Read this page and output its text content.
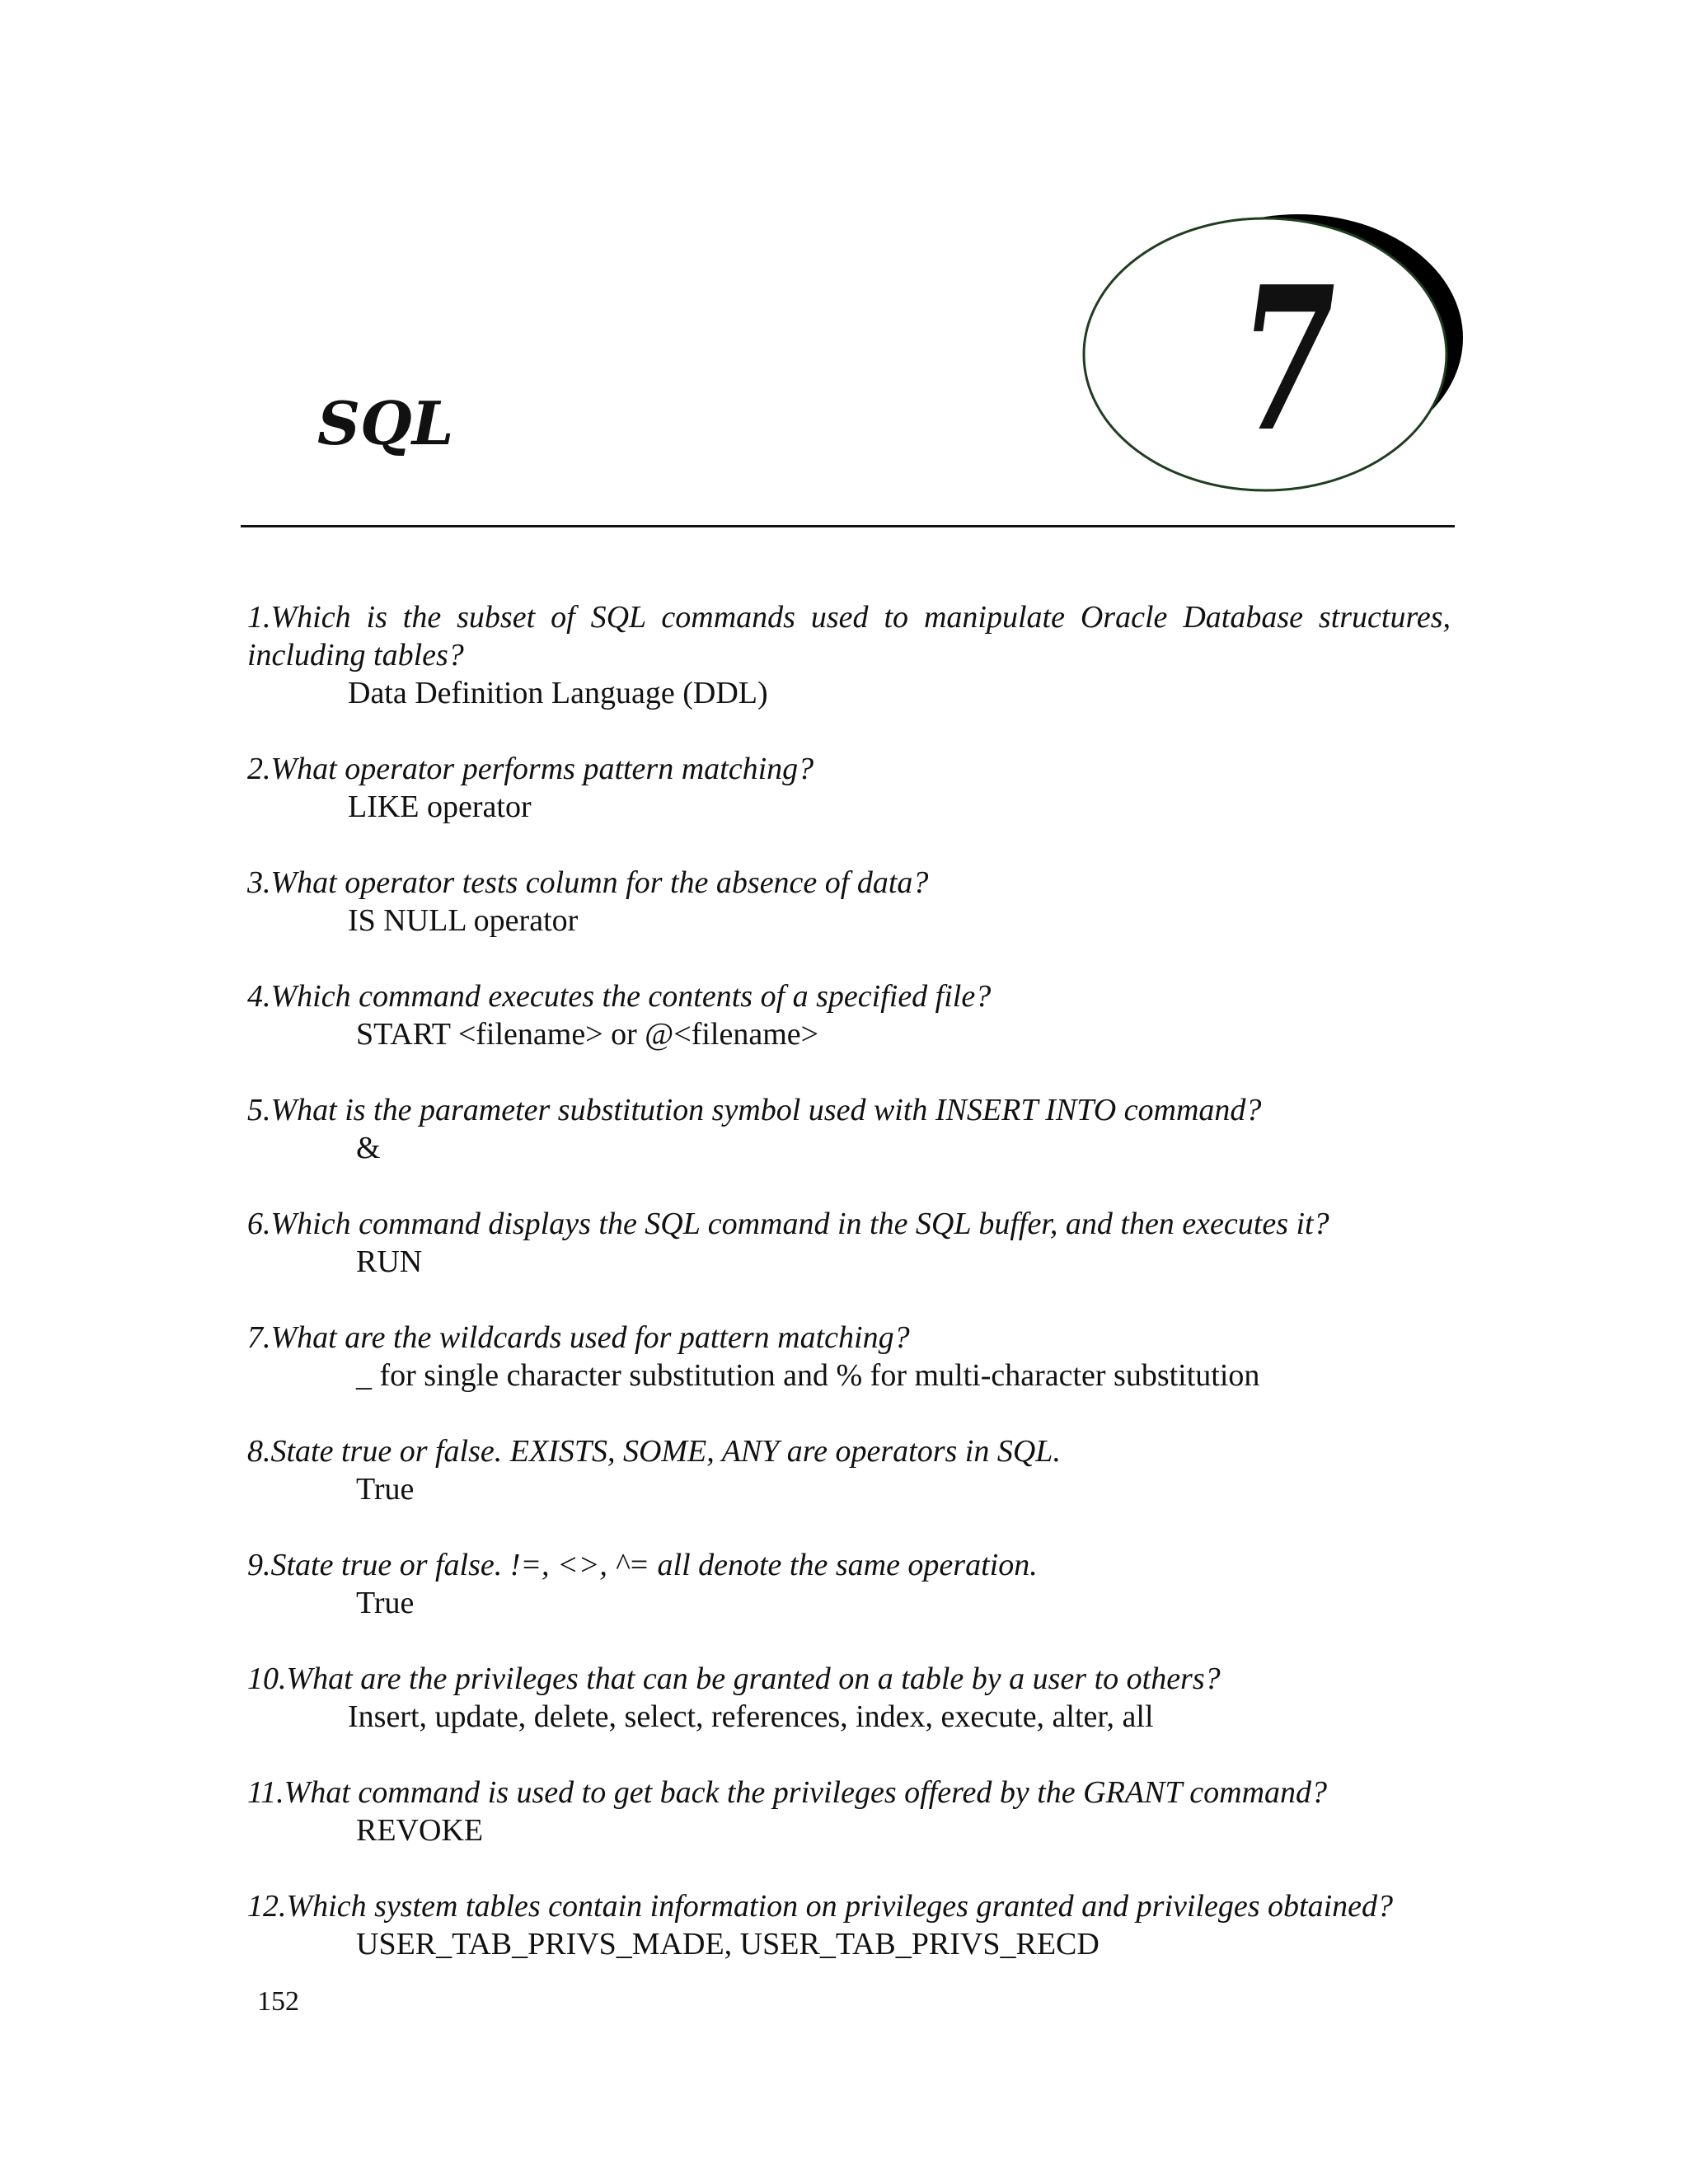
SQL	7

1.Which is the subset of SQL commands used to manipulate Oracle Database structures, including tables?

Data Definition Language (DDL)

2.What operator performs pattern matching?

LIKE operator

3.What operator tests column for the absence of data?

IS NULL operator

4.Which command executes the contents of a specified file?

START <filename> or @<filename>

5.What is the parameter substitution symbol used with INSERT INTO command?

&

6.Which command displays the SQL command in the SQL buffer, and then executes it?

RUN

7.What are the wildcards used for pattern matching?

_ for single character substitution and % for multi-character substitution

8.State true or false. EXISTS, SOME, ANY are operators in SQL.

True

9.State true or false. !=, <>, ^= all denote the same operation.

True

10.What are the privileges that can be granted on a table by a user to others?

Insert, update, delete, select, references, index, execute, alter, all

11.What command is used to get back the privileges offered by the GRANT command?

REVOKE

12.Which system tables contain information on privileges granted and privileges obtained?

USER_TAB_PRIVS_MADE, USER_TAB_PRIVS_RECD

152
